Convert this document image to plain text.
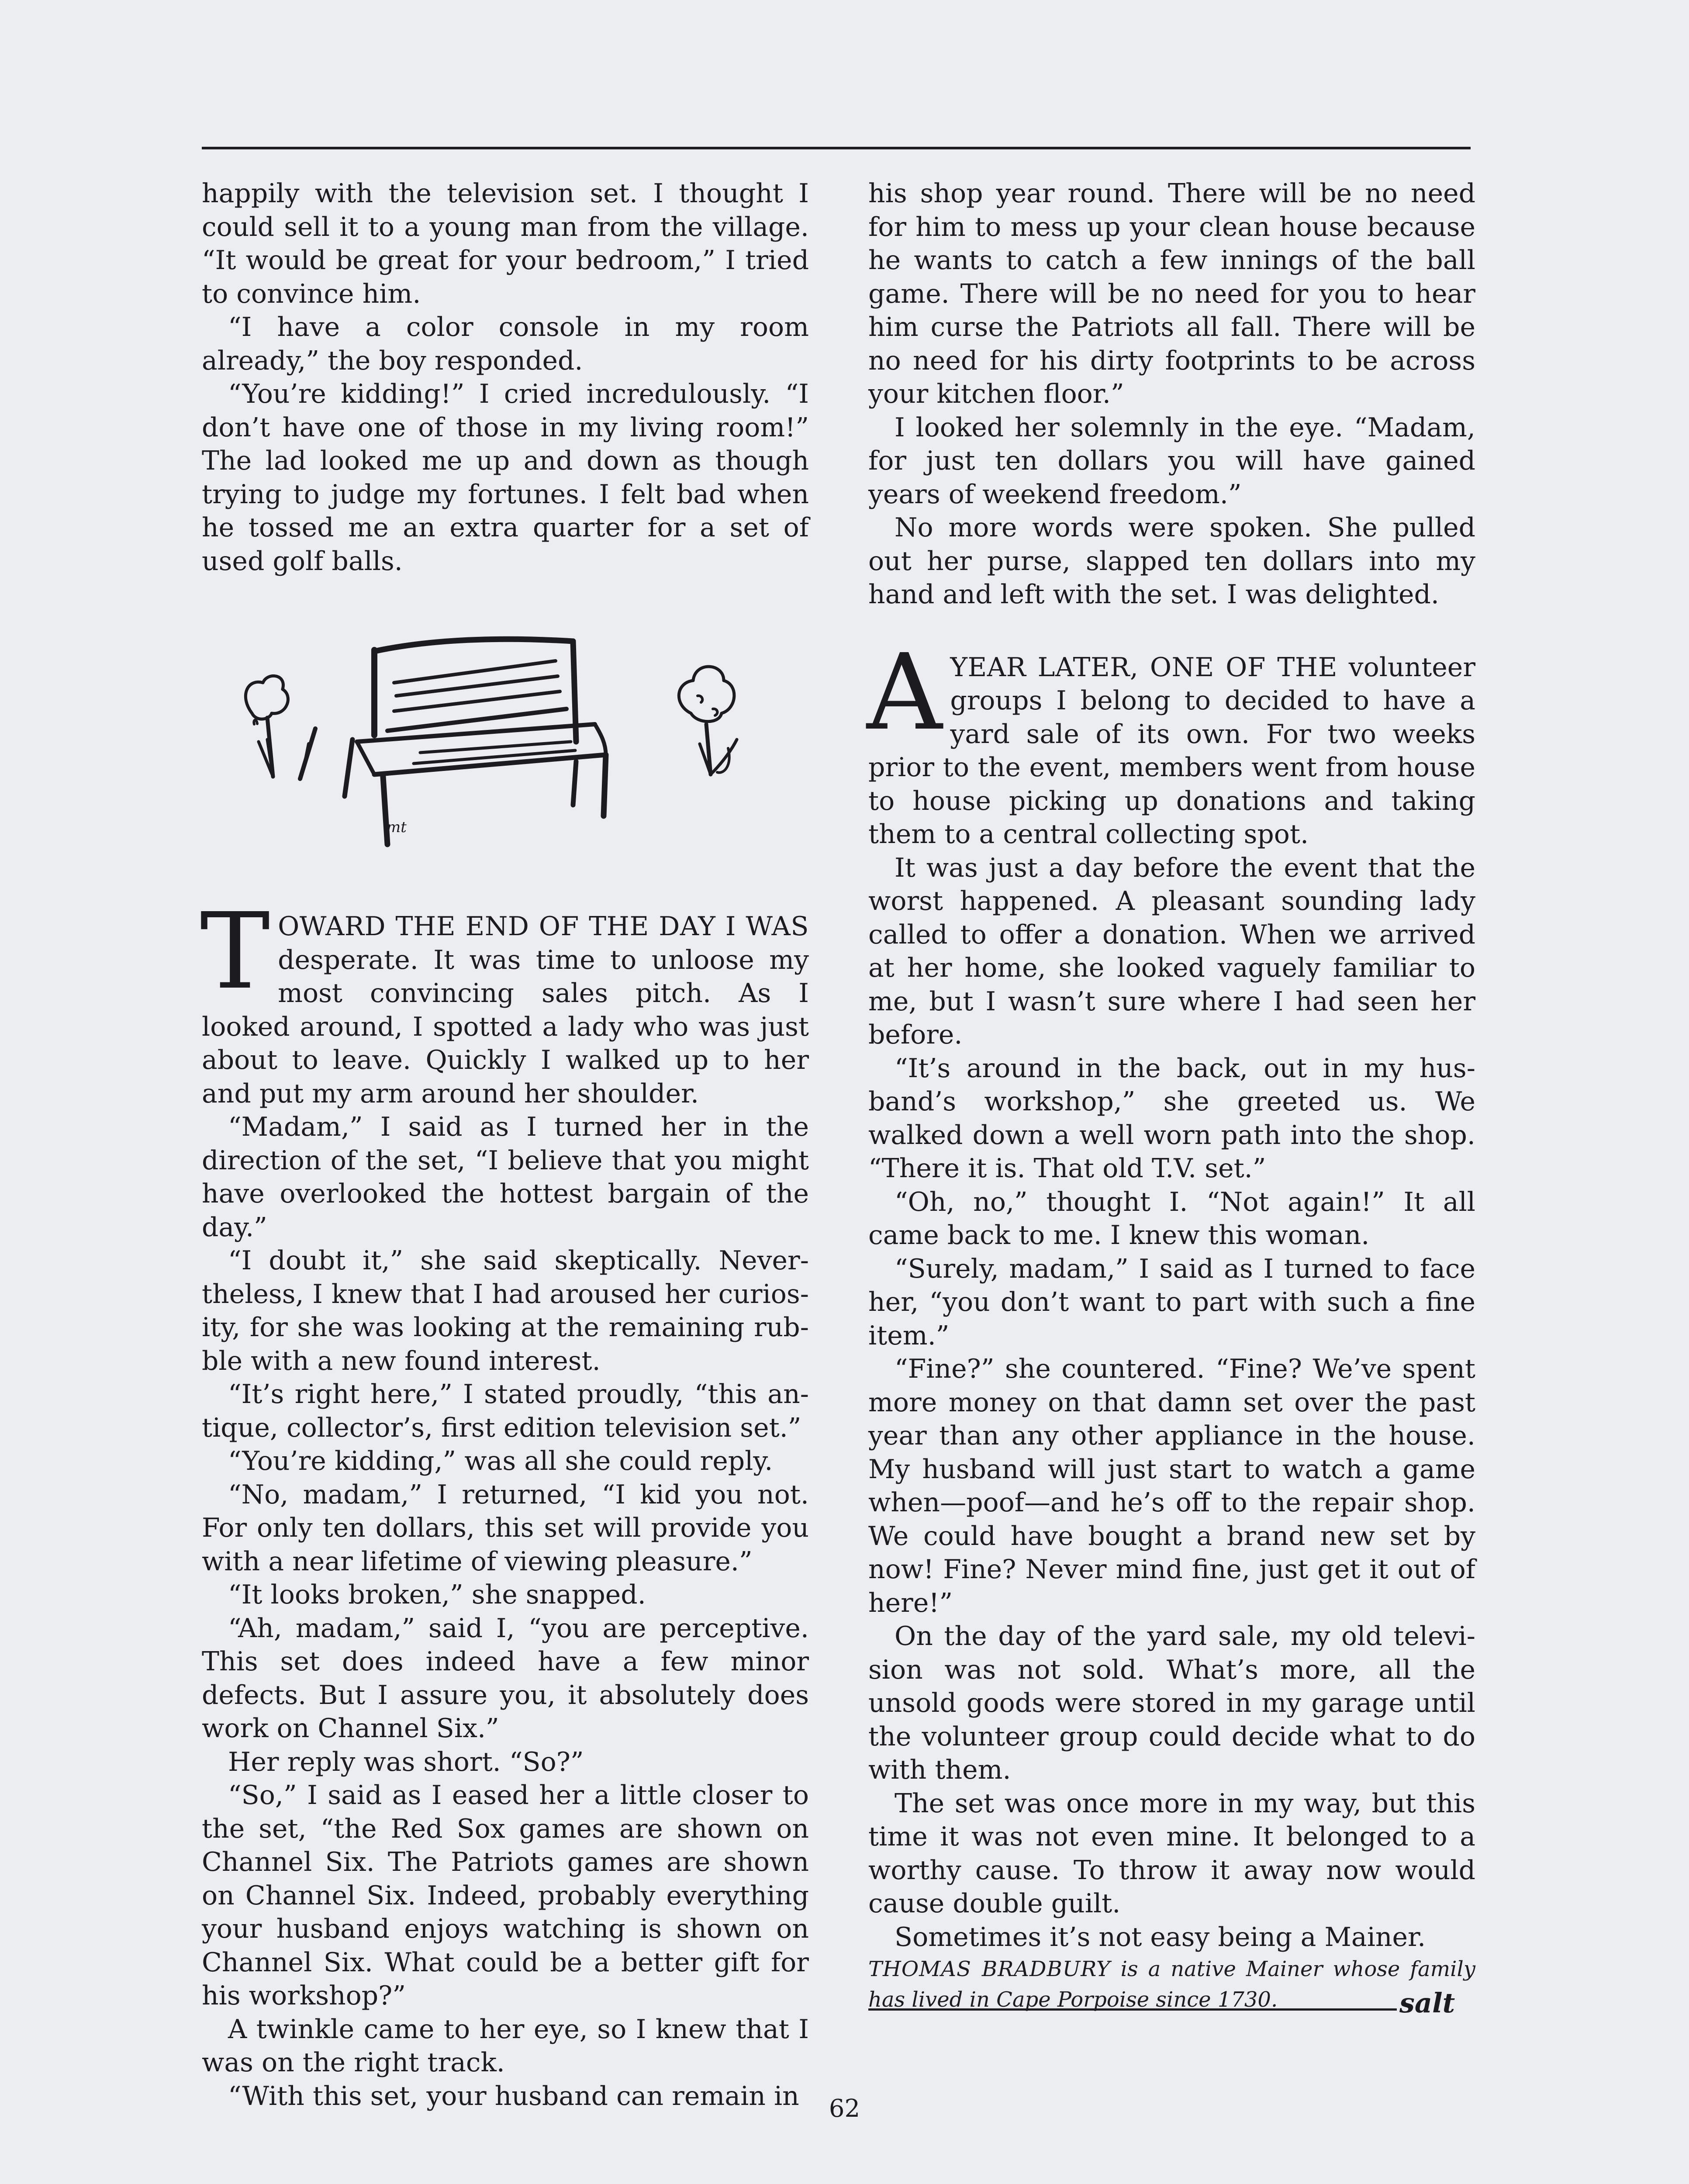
happily with the television set. I thought I could sell it to a young man from the village. “It would be great for your bedroom,” I tried to convince him.

“I have a color console in my room already,” the boy responded.

“You’re kidding!” I cried incredulously. “I don’t have one of those in my living room!” The lad looked me up and down as though trying to judge my fortunes. I felt bad when he tossed me an extra quarter for a set of used golf balls.

mt

TOWARD THE END OF THE DAY I WAS desperate. It was time to unloose my most convincing sales pitch. As I looked around, I spotted a lady who was just about to leave. Quickly I walked up to her and put my arm around her shoulder.

“Madam,” I said as I turned her in the direction of the set, “I believe that you might have overlooked the hottest bargain of the day.”

“I doubt it,” she said skeptically. Nevertheless, I knew that I had aroused her curiosity, for she was looking at the remaining rubble with a new found interest.

“It’s right here,” I stated proudly, “this antique, collector’s, first edition television set.”

“You’re kidding,” was all she could reply.

“No, madam,” I returned, “I kid you not. For only ten dollars, this set will provide you with a near lifetime of viewing pleasure.”

“It looks broken,” she snapped.

“Ah, madam,” said I, “you are perceptive. This set does indeed have a few minor defects. But I assure you, it absolutely does work on Channel Six.”

Her reply was short. “So?”

“So,” I said as I eased her a little closer to the set, “the Red Sox games are shown on Channel Six. The Patriots games are shown on Channel Six. Indeed, probably everything your husband enjoys watching is shown on Channel Six. What could be a better gift for his workshop?”

A twinkle came to her eye, so I knew that I was on the right track.

“With this set, your husband can remain in

his shop year round. There will be no need for him to mess up your clean house because he wants to catch a few innings of the ball game. There will be no need for you to hear him curse the Patriots all fall. There will be no need for his dirty footprints to be across your kitchen floor.”

I looked her solemnly in the eye. “Madam, for just ten dollars you will have gained years of weekend freedom.”

No more words were spoken. She pulled out her purse, slapped ten dollars into my hand and left with the set. I was delighted.

AYEAR LATER, ONE OF THE volunteer groups I belong to decided to have a yard sale of its own. For two weeks prior to the event, members went from house to house picking up donations and taking them to a central collecting spot.

It was just a day before the event that the worst happened. A pleasant sounding lady called to offer a donation. When we arrived at her home, she looked vaguely familiar to me, but I wasn’t sure where I had seen her before.

“It’s around in the back, out in my husband’s workshop,” she greeted us. We walked down a well worn path into the shop. “There it is. That old T.V. set.”

“Oh, no,” thought I. “Not again!” It all came back to me. I knew this woman.

“Surely, madam,” I said as I turned to face her, “you don’t want to part with such a fine item.”

“Fine?” she countered. “Fine? We’ve spent more money on that damn set over the past year than any other appliance in the house. My husband will just start to watch a game when—poof—and he’s off to the repair shop. We could have bought a brand new set by now! Fine? Never mind fine, just get it out of here!”

On the day of the yard sale, my old television was not sold. What’s more, all the unsold goods were stored in my garage until the volunteer group could decide what to do with them.

The set was once more in my way, but this time it was not even mine. It belonged to a worthy cause. To throw it away now would cause double guilt.

Sometimes it’s not easy being a Mainer.

THOMAS BRADBURY is a native Mainer whose family has lived in Cape Porpoise since 1730.	salt
62
